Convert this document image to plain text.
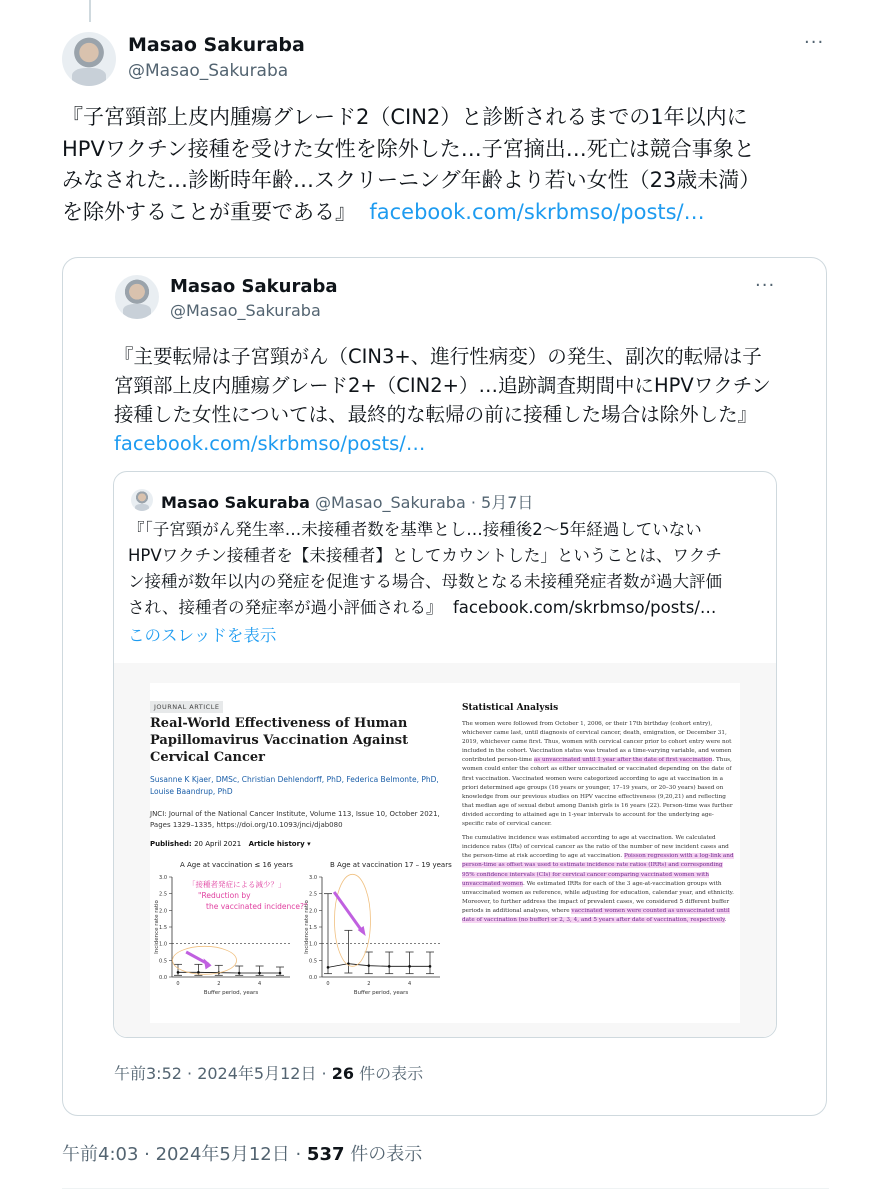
Masao Sakuraba
@Masao_Sakuraba
···
『子宮頸部上皮内腫瘍グレード2（CIN2）と診断されるまでの1年以内に
HPVワクチン接種を受けた女性を除外した…子宮摘出…死亡は競合事象と
みなされた…診断時年齢…スクリーニング年齢より若い女性（23歳未満）
を除外することが重要である』 facebook.com/skrbmso/posts/…
Masao Sakuraba
@Masao_Sakuraba
···
『主要転帰は子宮頸がん（CIN3+、進行性病変）の発生、副次的転帰は子
宮頸部上皮内腫瘍グレード2+（CIN2+）…追跡調査期間中にHPVワクチン
接種した女性については、最終的な転帰の前に接種した場合は除外した』
facebook.com/skrbmso/posts/…
Masao Sakuraba @Masao_Sakuraba · 5月7日
『「子宮頸がん発生率…未接種者数を基準とし…接種後2〜5年経過していない
HPVワクチン接種者を【未接種者】としてカウントした」ということは、ワクチ
ン接種が数年以内の発症を促進する場合、母数となる未接種発症者数が過大評価
され、接種者の発症率が過小評価される』 facebook.com/skrbmso/posts/…
このスレッドを表示
JOURNAL ARTICLE
Real-World Effectiveness of Human Papillomavirus Vaccination Against Cervical Cancer
Susanne K Kjaer, DMSc, Christian Dehlendorff, PhD, Federica Belmonte, PhD, Louise Baandrup, PhD
JNCI: Journal of the National Cancer Institute, Volume 113, Issue 10, October 2021, Pages 1329–1335, https://doi.org/10.1093/jnci/djab080
Published: 20 April 2021 Article history ▾
A Age at vaccination ≤ 16 years
0.0
0.5
1.0
1.5
2.0
2.5
3.0
0	2	4
Buffer period, years
Incidence rate ratio
B Age at vaccination 17 – 19 years
0.0
0.5
1.0
1.5
2.0
2.5
3.0
0	2	4
Buffer period, years
Incidence rate ratio
「接種者発症による減少？」
"Reduction by
the vaccinated incidence?"
Statistical Analysis

The women were followed from October 1, 2006, or their 17th birthday (cohort entry), whichever came last, until diagnosis of cervical cancer, death, emigration, or December 31, 2019, whichever came first. Thus, women with cervical cancer prior to cohort entry were not included in the cohort. Vaccination status was treated as a time-varying variable, and women contributed person-time as unvaccinated until 1 year after the date of first vaccination. Thus, women could enter the cohort as either unvaccinated or vaccinated depending on the date of first vaccination. Vaccinated women were categorized according to age at vaccination in a priori determined age groups (16 years or younger, 17–19 years, or 20–30 years) based on knowledge from our previous studies on HPV vaccine effectiveness (9,20,21) and reflecting that median age of sexual debut among Danish girls is 16 years (22). Person-time was further divided according to attained age in 1-year intervals to account for the underlying age-specific rate of cervical cancer.

The cumulative incidence was estimated according to age at vaccination. We calculated incidence rates (IRs) of cervical cancer as the ratio of the number of new incident cases and the person-time at risk according to age at vaccination. Poisson regression with a log-link and person-time as offset was used to estimate incidence rate ratios (IRRs) and corresponding 95% confidence intervals (CIs) for cervical cancer comparing vaccinated women with unvaccinated women. We estimated IRRs for each of the 3 age-at-vaccination groups with unvaccinated women as reference, while adjusting for education, calendar year, and ethnicity. Moreover, to further address the impact of prevalent cases, we considered 5 different buffer periods in additional analyses, where vaccinated women were counted as unvaccinated until date of vaccination (no buffer) or 2, 3, 4, and 5 years after date of vaccination, respectively.

午前3:52 · 2024年5月12日 · 26 件の表示
午前4:03 · 2024年5月12日 · 537 件の表示
